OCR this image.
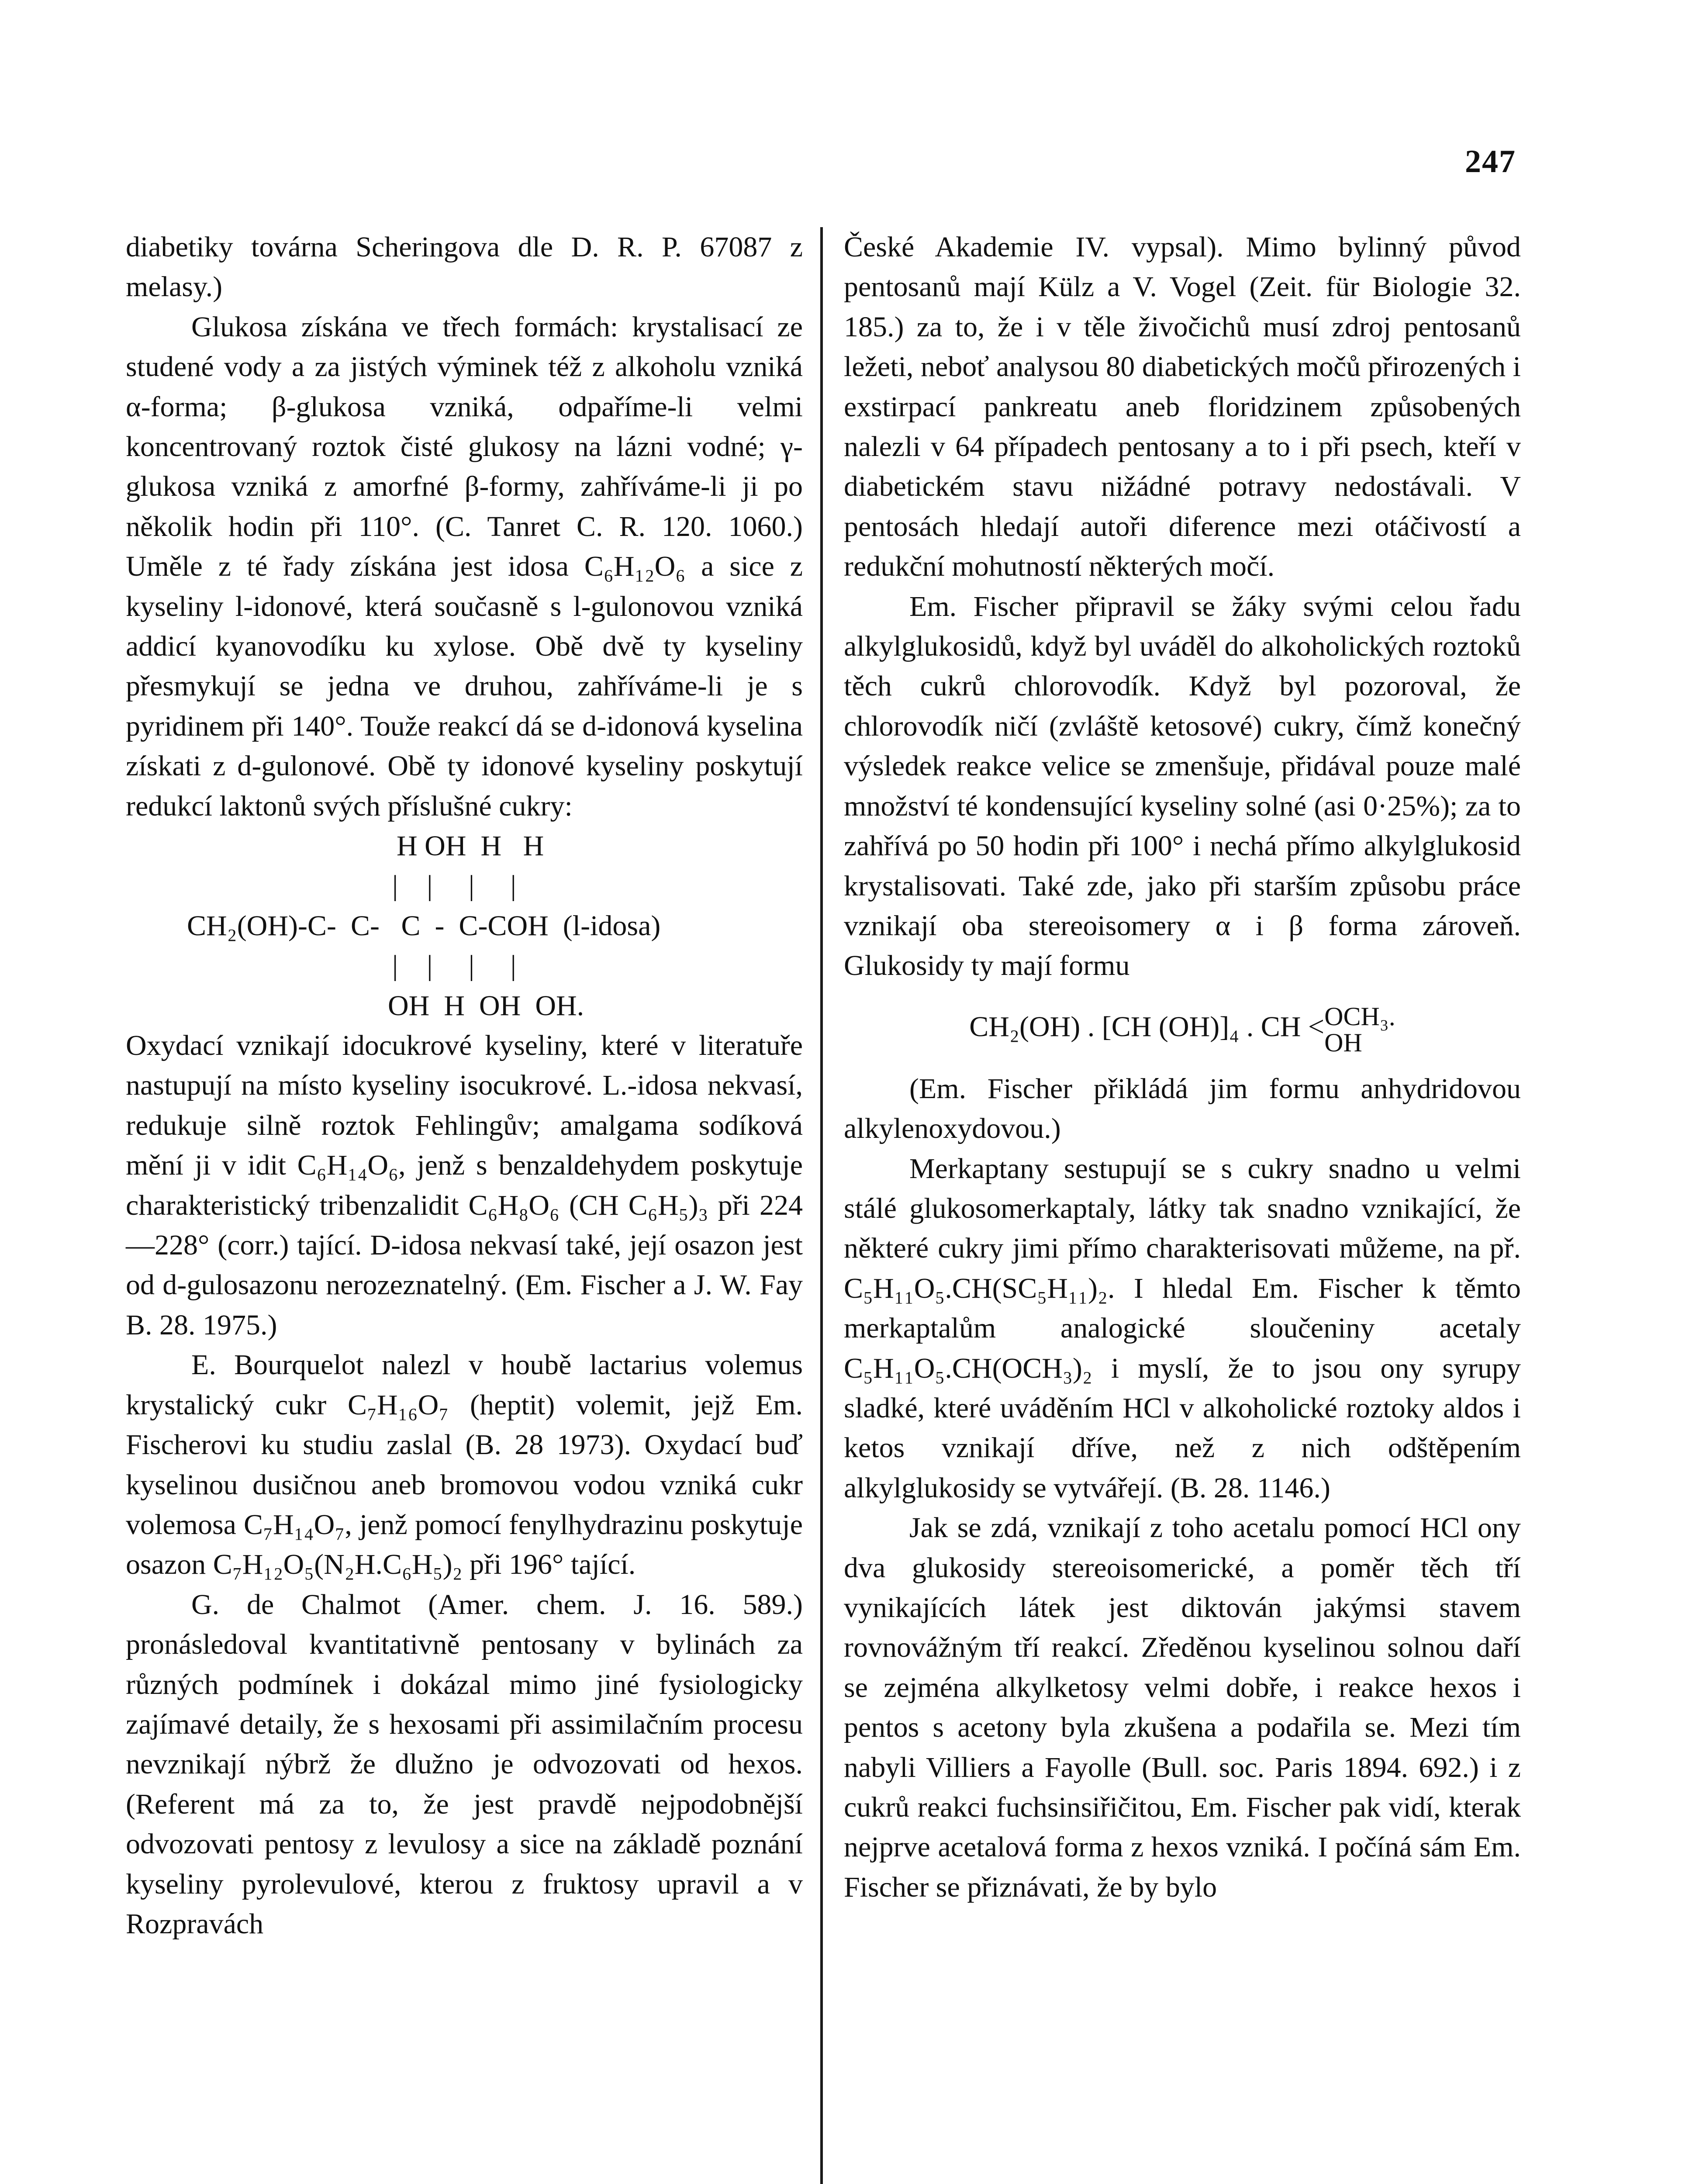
247

diabetiky továrna Scheringova dle D. R. P. 67087 z melasy.)

Glukosa získána ve třech formách: krystalisací ze studené vody a za jistých výminek též z alkoholu vzniká α-forma; β-glukosa vzniká, odpaříme-li velmi koncentrovaný roztok čisté glukosy na lázni vodné; γ-glukosa vzniká z amorfné β-formy, zahříváme-li ji po několik hodin při 110°. (C. Tanret C. R. 120. 1060.) Uměle z té řady získána jest idosa C₆H₁₂O₆ a sice z kyseliny l-idonové, která současně s l-gulonovou vzniká addicí kyanovodíku ku xylose. Obě dvě ty kyseliny přesmykují se jedna ve druhou, zahříváme-li je s pyridinem při 140°. Touže reakcí dá se d-idonová kyselina získati z d-gulonové. Obě ty idonové kyseliny poskytují redukcí laktonů svých příslušné cukry:

H OH  H   H
|    |     |     |
CH₂(OH)-C-  C-   C  -  C-COH  (l-idosa)
|    |     |     |
OH  H  OH  OH.

Oxydací vznikají idocukrové kyseliny, které v literatuře nastupují na místo kyseliny isocukrové. L.-idosa nekvasí, redukuje silně roztok Fehlingův; amalgama sodíková mění ji v idit C₆H₁₄O₆, jenž s benzaldehydem poskytuje charakteristický tribenzalidit C₆H₈O₆ (CH C₆H₅)₃ při 224—228° (corr.) tající. D-idosa nekvasí také, její osazon jest od d-gulosazonu nerozeznatelný. (Em. Fischer a J. W. Fay B. 28. 1975.)

E. Bourquelot nalezl v houbě lactarius volemus krystalický cukr C₇H₁₆O₇ (heptit) volemit, jejž Em. Fischerovi ku studiu zaslal (B. 28 1973). Oxydací buď kyselinou dusičnou aneb bromovou vodou vzniká cukr volemosa C₇H₁₄O₇, jenž pomocí fenylhydrazinu poskytuje osazon C₇H₁₂O₅(N₂H.C₆H₅)₂ při 196° tající.

G. de Chalmot (Amer. chem. J. 16. 589.) pronásledoval kvantitativně pentosany v bylinách za různých podmínek i dokázal mimo jiné fysiologicky zajímavé detaily, že s hexosami při assimilačním procesu nevznikají nýbrž že dlužno je odvozovati od hexos. (Referent má za to, že jest pravdě nejpodobnější odvozovati pentosy z levulosy a sice na základě poznání kyseliny pyrolevulové, kterou z fruktosy upravil a v Rozpravách

České Akademie IV. vypsal). Mimo bylinný původ pentosanů mají Külz a V. Vogel (Zeit. für Biologie 32. 185.) za to, že i v těle živočichů musí zdroj pentosanů ležeti, neboť analysou 80 diabetických močů přirozených i exstirpací pankreatu aneb floridzinem způsobených nalezli v 64 případech pentosany a to i při psech, kteří v diabetickém stavu nižádné potravy nedostávali. V pentosách hledají autoři diference mezi otáčivostí a redukční mohutností některých močí.

Em. Fischer připravil se žáky svými celou řadu alkylglukosidů, když byl uváděl do alkoholických roztoků těch cukrů chlorovodík. Když byl pozoroval, že chlorovodík ničí (zvláště ketosové) cukry, čímž konečný výsledek reakce velice se zmenšuje, přidával pouze malé množství té kondensující kyseliny solné (asi 0·25%); za to zahřívá po 50 hodin při 100° i nechá přímo alkylglukosid krystalisovati. Také zde, jako při starším způsobu práce vznikají oba stereoisomery α i β forma zároveň. Glukosidy ty mají formu

CH₂(OH) . [CH (OH)]₄ . CH <OCH₃.
OH

(Em. Fischer přikládá jim formu anhydridovou alkylenoxydovou.)

Merkaptany sestupují se s cukry snadno u velmi stálé glukosomerkaptaly, látky tak snadno vznikající, že některé cukry jimi přímo charakterisovati můžeme, na př. C₅H₁₁O₅.CH(SC₅H₁₁)₂. I hledal Em. Fischer k těmto merkaptalům analogické sloučeniny acetaly C₅H₁₁O₅.CH(OCH₃)₂ i myslí, že to jsou ony syrupy sladké, které uváděním HCl v alkoholické roztoky aldos i ketos vznikají dříve, než z nich odštěpením alkylglukosidy se vytvářejí. (B. 28. 1146.)

Jak se zdá, vznikají z toho acetalu pomocí HCl ony dva glukosidy stereoisomerické, a poměr těch tří vynikajících látek jest diktován jakýmsi stavem rovnovážným tří reakcí. Zředěnou kyselinou solnou daří se zejména alkylketosy velmi dobře, i reakce hexos i pentos s acetony byla zkušena a podařila se. Mezi tím nabyli Villiers a Fayolle (Bull. soc. Paris 1894. 692.) i z cukrů reakci fuchsinsiřičitou, Em. Fischer pak vidí, kterak nejprve acetalová forma z hexos vzniká. I počíná sám Em. Fischer se přiznávati, že by bylo
